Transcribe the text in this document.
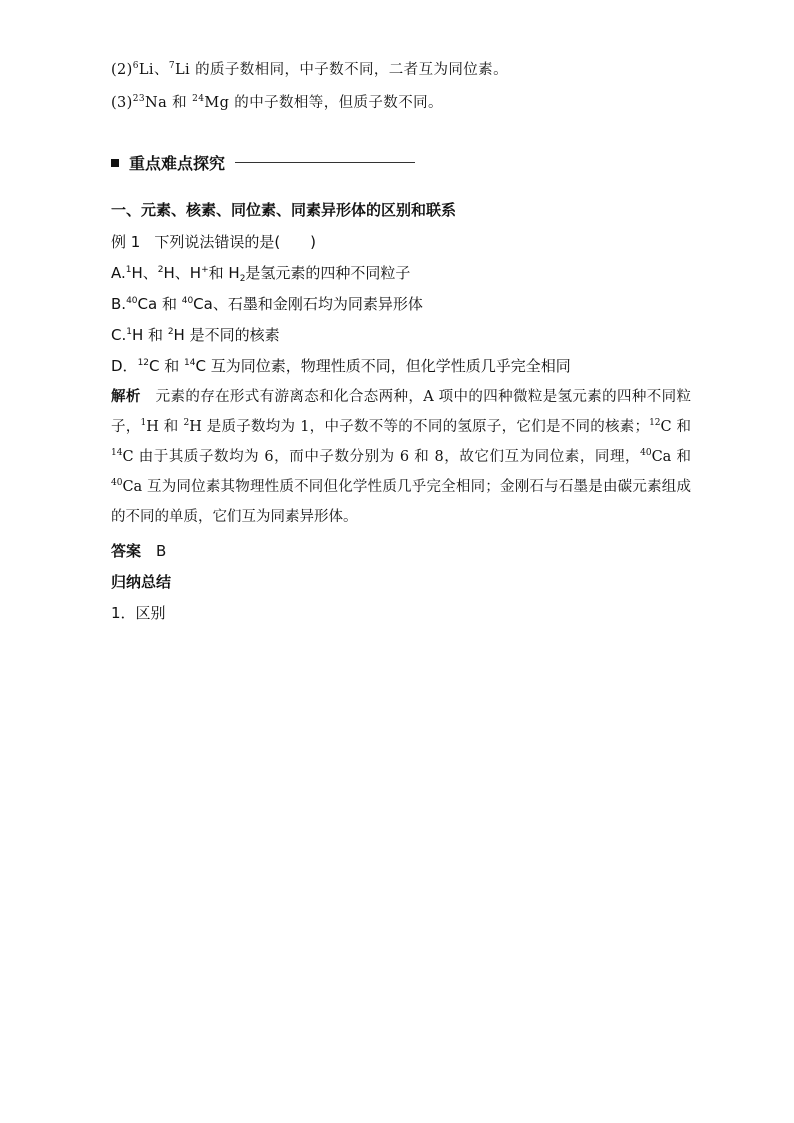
$(2)^6Li$、$^7$Li 的质子数相同，中子数不同，二者互为同位素。
$(3)^{23}Na$ 和 $^{24}$Mg 的中子数相等，但质子数不同。
重点难点探究
一、元素、核素、同位素、同素异形体的区别和联系
例 1 下列说法错误的是(　　)
A.$^1$H、$^2$H、H+和 $H_2$是氢元素的四种不同粒子
B.$^{40}$Ca 和 $^{40}$Ca、石墨和金刚石均为同素异形体
C.$^1$H 和 $^2$H 是不同的核素
D．$^{12}$C 和 $^{14}$C 互为同位素，物理性质不同，但化学性质几乎完全相同
解析　元素的存在形式有游离态和化合态两种，A 项中的四种微粒是氢元素的四种不同粒子，$^1$H 和 $^2$H 是质子数均为 1，中子数不等的不同的氢原子，它们是不同的核素；$^{12}$C 和 $^{14}$C 由于其质子数均为 6，而中子数分别为 6 和 8，故它们互为同位素，同理，$^{40}$Ca 和 $^{40}$Ca 互为同位素其物理性质不同但化学性质几乎完全相同；金刚石与石墨是由碳元素组成的不同的单质，它们互为同素异形体。
答案　B
归纳总结
1．区别
